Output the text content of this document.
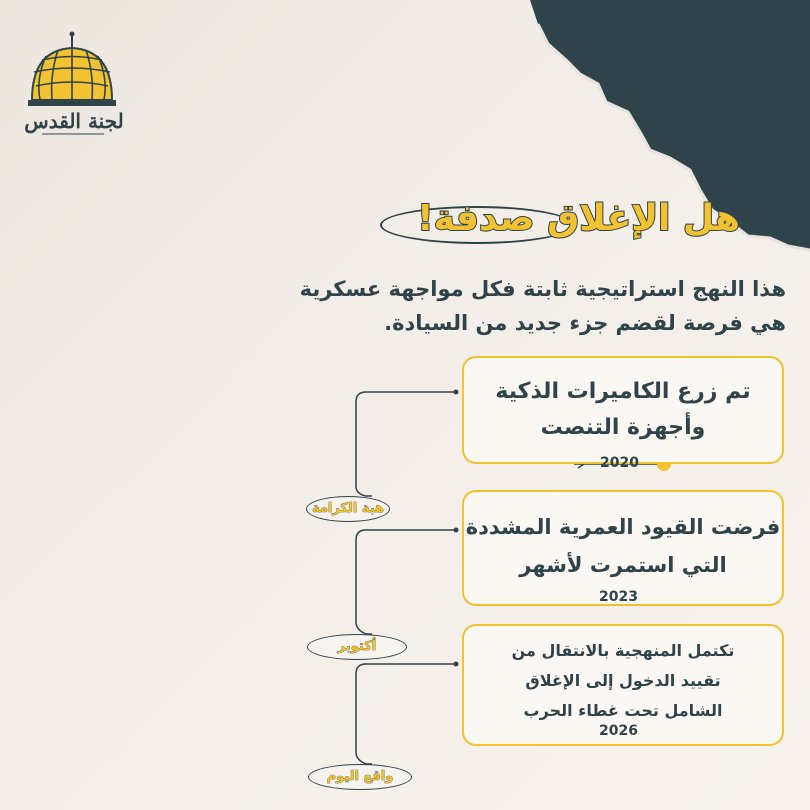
لجنة القدس
هل الإغلاق صدفة!
هذا النهج استراتيجية ثابتة فكل مواجهة عسكرية
هي فرصة لقضم جزء جديد من السيادة.
تم زرع الكاميرات الذكية
وأجهزة التنصت
2020
فرضت القيود العمرية المشددة
التي استمرت لأشهر
2023
تكتمل المنهجية بالانتقال من
تقييد الدخول إلى الإغلاق
الشامل تحت غطاء الحرب
2026
هبة الكرامة
أكتوبر
واقع اليوم
